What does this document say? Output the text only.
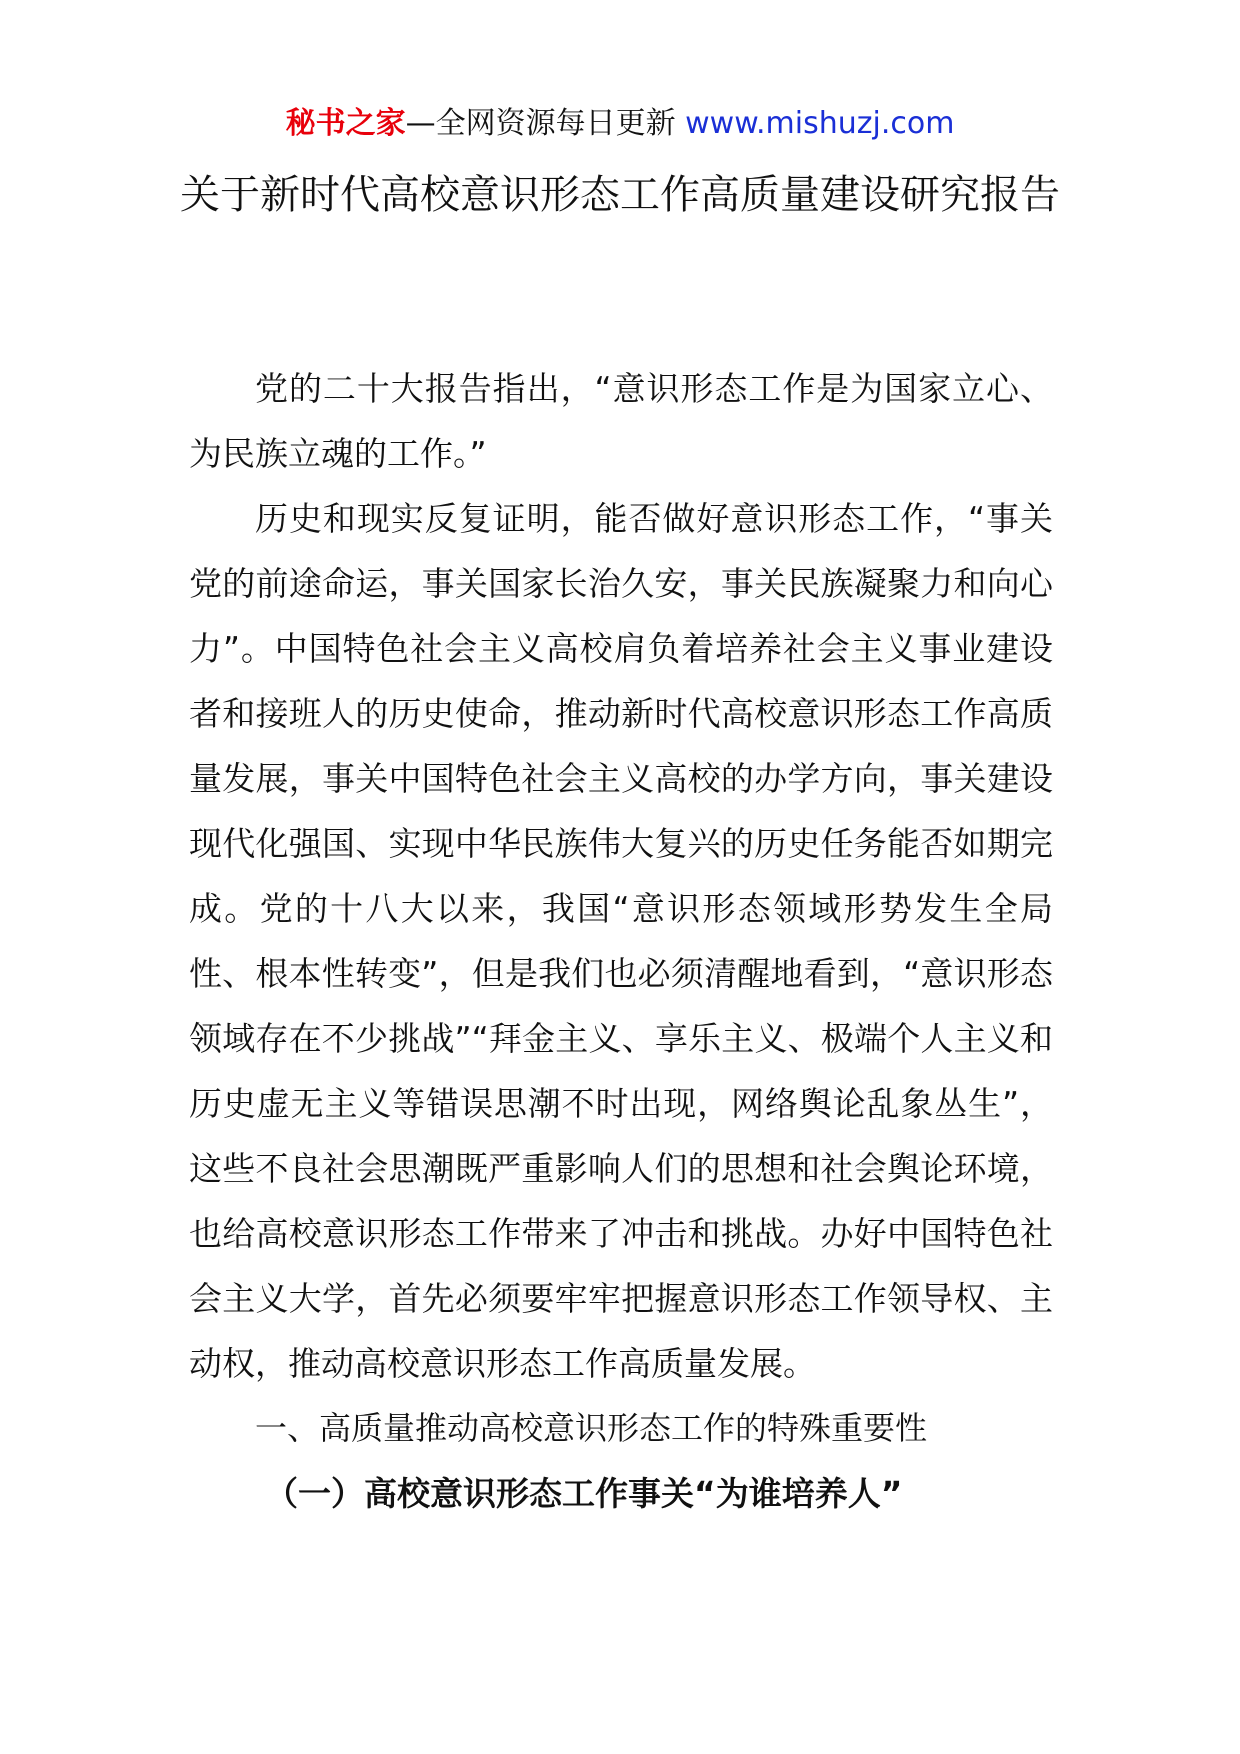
秘书之家—全网资源每日更新 www.mishuzj.com
关于新时代高校意识形态工作高质量建设研究报告

党的二十大报告指出，“意识形态工作是为国家立心、为民族立魂的工作。”

历史和现实反复证明，能否做好意识形态工作，“事关党的前途命运，事关国家长治久安，事关民族凝聚力和向心力”。中国特色社会主义高校肩负着培养社会主义事业建设者和接班人的历史使命，推动新时代高校意识形态工作高质量发展，事关中国特色社会主义高校的办学方向，事关建设现代化强国、实现中华民族伟大复兴的历史任务能否如期完成。党的十八大以来，我国“意识形态领域形势发生全局性、根本性转变”，但是我们也必须清醒地看到，“意识形态领域存在不少挑战”“拜金主义、享乐主义、极端个人主义和历史虚无主义等错误思潮不时出现，网络舆论乱象丛生”，这些不良社会思潮既严重影响人们的思想和社会舆论环境，也给高校意识形态工作带来了冲击和挑战。办好中国特色社会主义大学，首先必须要牢牢把握意识形态工作领导权、主动权，推动高校意识形态工作高质量发展。

一、高质量推动高校意识形态工作的特殊重要性

（一）高校意识形态工作事关“为谁培养人”
